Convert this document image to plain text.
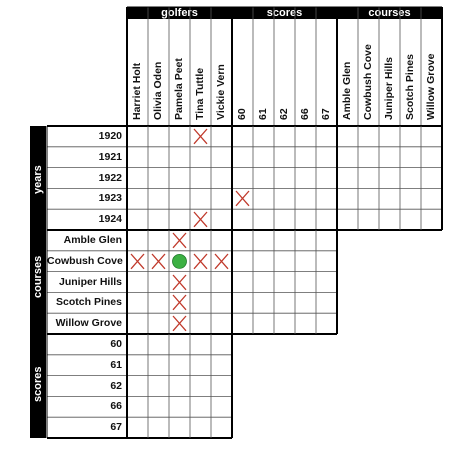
golfers
Harriet Holt Olivia Oden Pamela Peet Tina Tuttle Vickie Vern
scores
60 61 62 66 67
courses
Amble Glen Cowbush Cove Juniper Hills Scotch Pines Willow Grove
years
1920
1921
1922
1923
1924
courses
Amble Glen
Cowbush Cove
Juniper Hills
Scotch Pines
Willow Grove
scores
60
61
62
66
67
